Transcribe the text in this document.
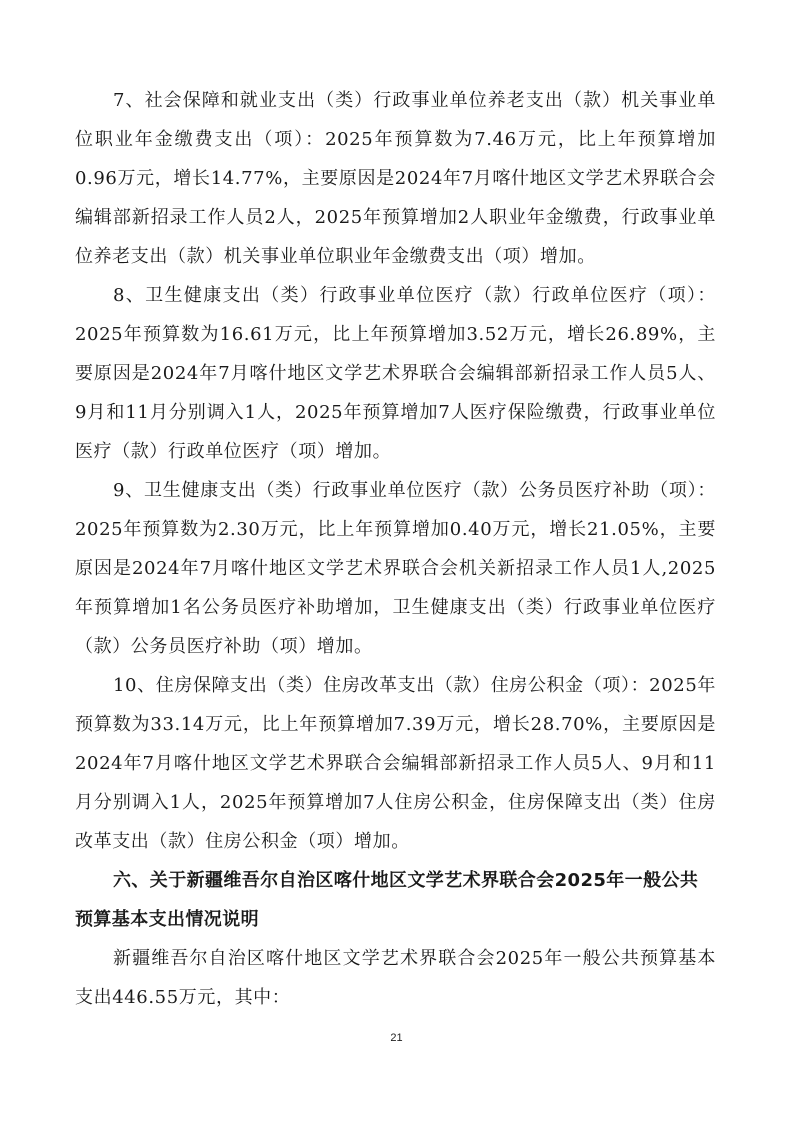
7、社会保障和就业支出（类）行政事业单位养老支出（款）机关事业单位职业年金缴费支出（项）：2025年预算数为7.46万元，比上年预算增加0.96万元，增长14.77%，主要原因是2024年7月喀什地区文学艺术界联合会编辑部新招录工作人员2人，2025年预算增加2人职业年金缴费，行政事业单位养老支出（款）机关事业单位职业年金缴费支出（项）增加。

8、卫生健康支出（类）行政事业单位医疗（款）行政单位医疗（项）：2025年预算数为16.61万元，比上年预算增加3.52万元，增长26.89%，主要原因是2024年7月喀什地区文学艺术界联合会编辑部新招录工作人员5人、9月和11月分别调入1人，2025年预算增加7人医疗保险缴费，行政事业单位医疗（款）行政单位医疗（项）增加。

9、卫生健康支出（类）行政事业单位医疗（款）公务员医疗补助（项）：2025年预算数为2.30万元，比上年预算增加0.40万元，增长21.05%，主要原因是2024年7月喀什地区文学艺术界联合会机关新招录工作人员1人,2025年预算增加1名公务员医疗补助增加，卫生健康支出（类）行政事业单位医疗（款）公务员医疗补助（项）增加。

10、住房保障支出（类）住房改革支出（款）住房公积金（项）：2025年预算数为33.14万元，比上年预算增加7.39万元，增长28.70%，主要原因是2024年7月喀什地区文学艺术界联合会编辑部新招录工作人员5人、9月和11月分别调入1人，2025年预算增加7人住房公积金，住房保障支出（类）住房改革支出（款）住房公积金（项）增加。

六、关于新疆维吾尔自治区喀什地区文学艺术界联合会2025年一般公共预算基本支出情况说明

新疆维吾尔自治区喀什地区文学艺术界联合会2025年一般公共预算基本支出446.55万元，其中：

21
